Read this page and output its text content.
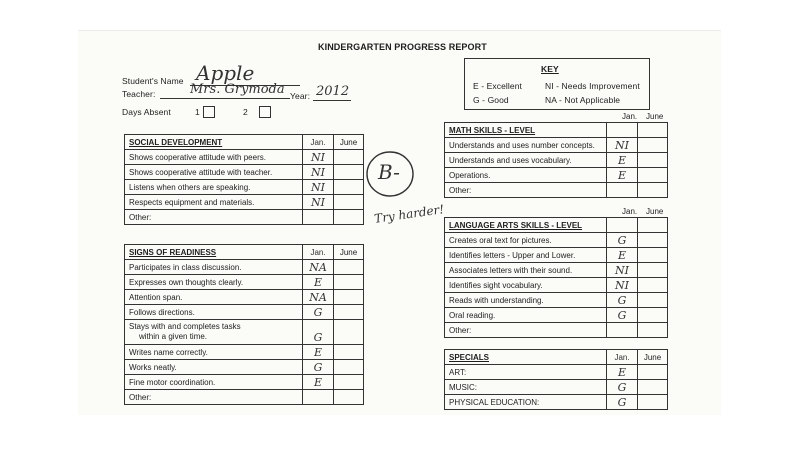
KINDERGARTEN PROGRESS REPORT
Student's Name Apple
Teacher:	Mrs. Grymoda Year: 2012
Days Absent	1	2
KEY
E - Excellent	NI - Needs Improvement
G - Good	NA - Not Applicable
B-
Try harder!
SOCIAL DEVELOPMENT	Jan.	June
Shows cooperative attitude with peers.	NI	
Shows cooperative attitude with teacher.	NI	
Listens when others are speaking.	NI	
Respects equipment and materials.	NI	
Other:		
SIGNS OF READINESS	Jan.	June
Participates in class discussion.	NA	
Expresses own thoughts clearly.	E	
Attention span.	NA	
Follows directions.	G	
Stays with and completes tasks
within a given time.	G	
Writes name correctly.	E	
Works neatly.	G	
Fine motor coordination.	E	
Other:		
Jan. June
MATH SKILLS - LEVEL		
Understands and uses number concepts.	NI	
Understands and uses vocabulary.	E	
Operations.	E	
Other:		
Jan. June
LANGUAGE ARTS SKILLS - LEVEL		
Creates oral text for pictures.	G	
Identifies letters - Upper and Lower.	E	
Associates letters with their sound.	NI	
Identifies sight vocabulary.	NI	
Reads with understanding.	G	
Oral reading.	G	
Other:		
SPECIALS	Jan.	June
ART:	E	
MUSIC:	G	
PHYSICAL EDUCATION:	G	
